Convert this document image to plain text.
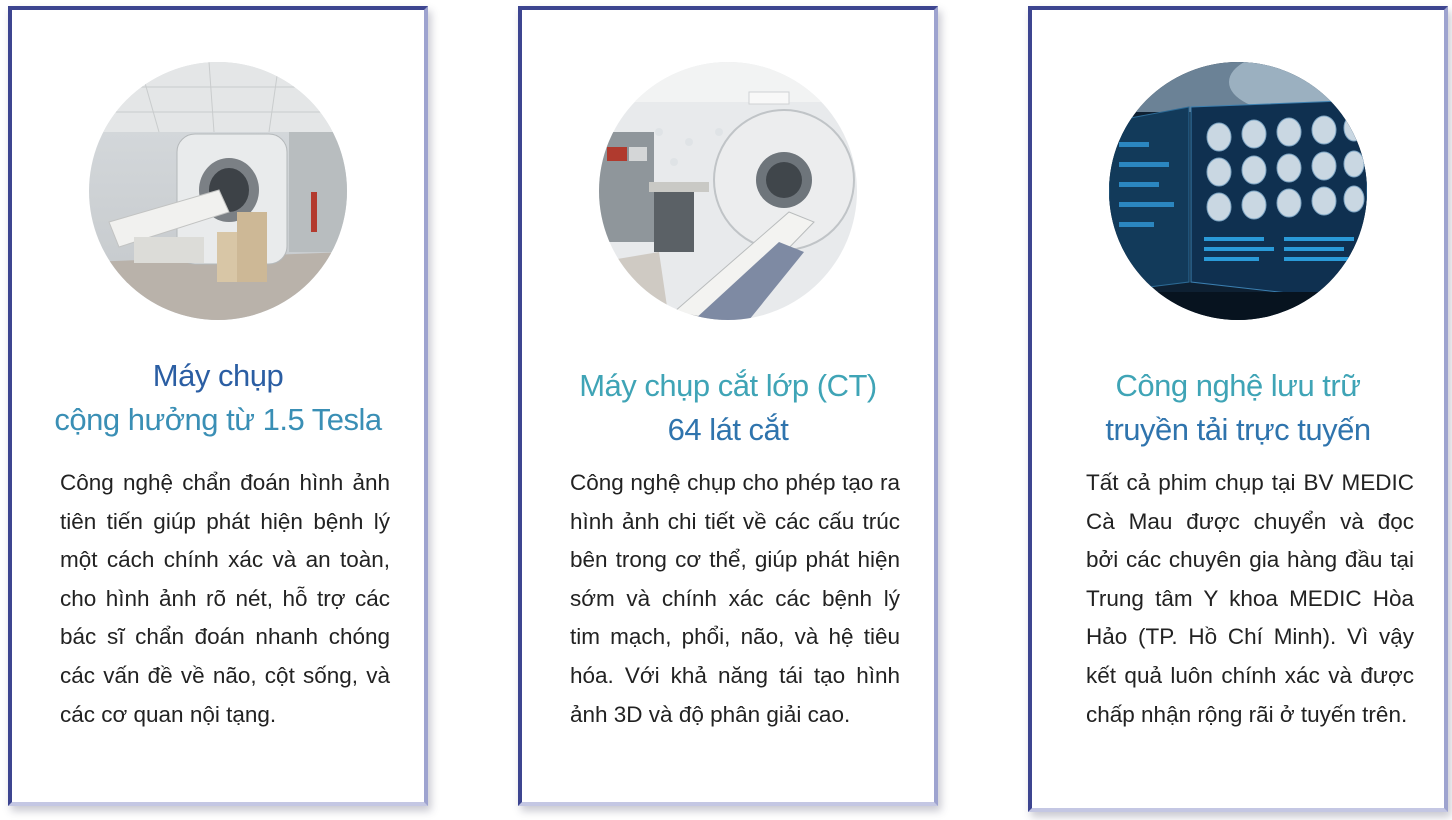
Máy chụp
cộng hưởng từ 1.5 Tesla

Công nghệ chẩn đoán hình ảnh tiên tiến giúp phát hiện bệnh lý một cách chính xác và an toàn, cho hình ảnh rõ nét, hỗ trợ các bác sĩ chẩn đoán nhanh chóng các vấn đề về não, cột sống, và các cơ quan nội tạng.

Máy chụp cắt lớp (CT)
64 lát cắt

Công nghệ chụp cho phép tạo ra hình ảnh chi tiết về các cấu trúc bên trong cơ thể, giúp phát hiện sớm và chính xác các bệnh lý tim mạch, phổi, não, và hệ tiêu hóa. Với khả năng tái tạo hình ảnh 3D và độ phân giải cao.

Công nghệ lưu trữ
truyền tải trực tuyến

Tất cả phim chụp tại BV MEDIC Cà Mau được chuyển và đọc bởi các chuyên gia hàng đầu tại Trung tâm Y khoa MEDIC Hòa Hảo (TP. Hồ Chí Minh). Vì vậy kết quả luôn chính xác và được chấp nhận rộng rãi ở tuyến trên.
